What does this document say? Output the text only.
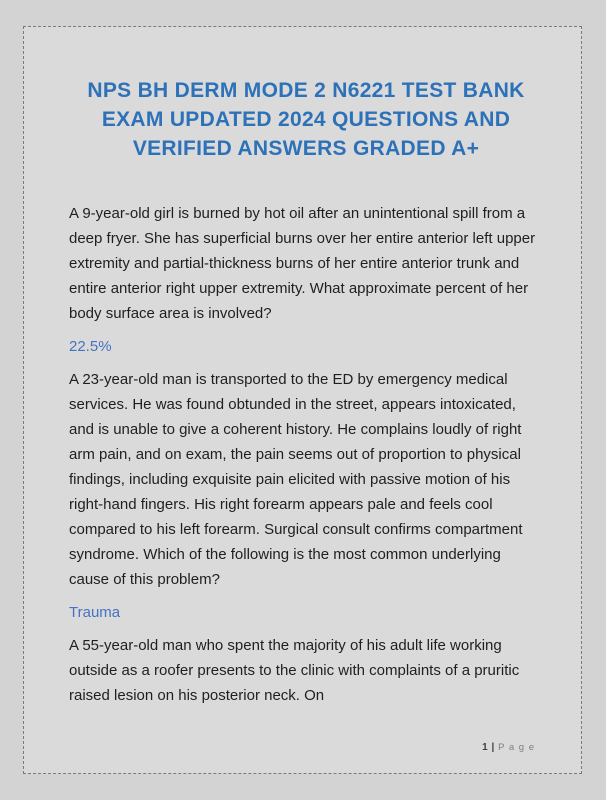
NPS BH DERM MODE 2 N6221 TEST BANK
EXAM UPDATED 2024 QUESTIONS AND
VERIFIED ANSWERS GRADED A+

A 9-year-old girl is burned by hot oil after an unintentional spill from a deep fryer. She has superficial burns over her entire anterior left upper extremity and partial-thickness burns of her entire anterior trunk and entire anterior right upper extremity. What approximate percent of her body surface area is involved?

22.5%

A 23-year-old man is transported to the ED by emergency medical services. He was found obtunded in the street, appears intoxicated, and is unable to give a coherent history. He complains loudly of right arm pain, and on exam, the pain seems out of proportion to physical findings, including exquisite pain elicited with passive motion of his right-hand fingers. His right forearm appears pale and feels cool compared to his left forearm. Surgical consult confirms compartment syndrome. Which of the following is the most common underlying cause of this problem?

Trauma

A 55-year-old man who spent the majority of his adult life working outside as a roofer presents to the clinic with complaints of a pruritic raised lesion on his posterior neck. On

1 | P a g e
